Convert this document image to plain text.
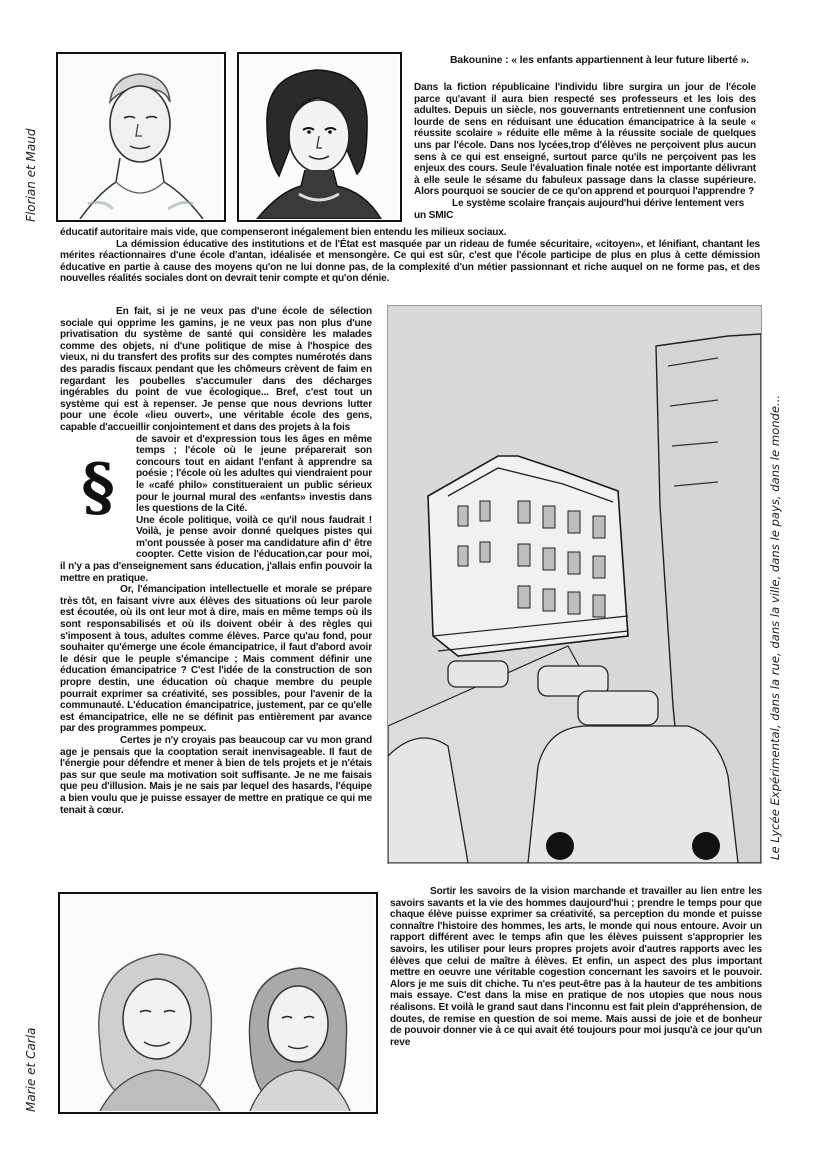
Florian et Maud
Bakounine : « les enfants appartiennent à leur future liberté ».

Dans la fiction républicaine l'individu libre surgira un jour de l'école parce qu'avant il aura bien respecté ses professeurs et les lois des adultes. Depuis un siècle, nos gouvernants entretiennent une confusion lourde de sens en réduisant une éducation émancipatrice à la seule « réussite scolaire » réduite elle même à la réussite sociale de quelques uns par l'école. Dans nos lycées,trop d'élèves ne perçoivent plus aucun sens à ce qui est enseigné, surtout parce qu'ils ne perçoivent pas les enjeux des cours. Seule l'évaluation finale notée est importante délivrant à elle seule le sésame du fabuleux passage dans la classe supérieure. Alors pourquoi se soucier de ce qu'on apprend et pourquoi l'apprendre ?

Le système scolaire français aujourd'hui dérive lentement vers un SMIC

éducatif autoritaire mais vide, que compenseront inégalement bien entendu les milieux sociaux.

La démission éducative des institutions et de l'État est masquée par un rideau de fumée sécuritaire, «citoyen», et lénifiant, chantant les mérites réactionnaires d'une école d'antan, idéalisée et mensongère. Ce qui est sûr, c'est que l'école participe de plus en plus à cette démission éducative en partie à cause des moyens qu'on ne lui donne pas, de la complexité d'un métier passionnant et riche auquel on ne forme pas, et des nouvelles réalités sociales dont on devrait tenir compte et qu'on dénie.

En fait, si je ne veux pas d'une école de sélection sociale qui opprime les gamins, je ne veux pas non plus d'une privatisation du système de santé qui considère les malades comme des objets, ni d'une politique de mise à l'hospice des vieux, ni du transfert des profits sur des comptes numérotés dans des paradis fiscaux pendant que les chômeurs crèvent de faim en regardant les poubelles s'accumuler dans des décharges ingérables du point de vue écologique... Bref, c'est tout un système qui est à repenser. Je pense que nous devrions lutter pour une école «lieu ouvert», une véritable école des gens, capable d'accueillir conjointement et dans des projets à la fois

§

de savoir et d'expression tous les âges en même temps ; l'école où le jeune préparerait son concours tout en aidant l'enfant à apprendre sa poésie ; l'école où les adultes qui viendraient pour le «café philo» constitueraient un public sérieux pour le journal mural des «enfants» investis dans les questions de la Cité.

Une école politique, voilà ce qu'il nous faudrait ! Voilà, je pense avoir donné quelques pistes qui m'ont poussée à poser ma candidature afin d' être coopter. Cette vision de l'éducation,car pour moi, il n'y a pas d'enseignement sans éducation, j'allais enfin pouvoir la mettre en pratique.

Or, l'émancipation intellectuelle et morale se prépare très tôt, en faisant vivre aux élèves des situations où leur parole est écoutée, où ils ont leur mot à dire, mais en même temps où ils sont responsabilisés et où ils doivent obéir à des règles qui s'imposent à tous, adultes comme élèves. Parce qu'au fond, pour souhaiter qu'émerge une école émancipatrice, il faut d'abord avoir le désir que le peuple s'émancipe ; Mais comment définir une éducation émancipatrice ? C'est l'idée de la construction de son propre destin, une éducation où chaque membre du peuple pourrait exprimer sa créativité, ses possibles, pour l'avenir de la communauté. L'éducation émancipatrice, justement, par ce qu'elle est émancipatrice, elle ne se définit pas entièrement par avance par des programmes pompeux.

Certes je n'y croyais pas beaucoup car vu mon grand age je pensais que la cooptation serait inenvisageable. Il faut de l'énergie pour défendre et mener à bien de tels projets et je n'étais pas sur que seule ma motivation soit suffisante. Je ne me faisais que peu d'illusion. Mais je ne sais par lequel des hasards, l'équipe a bien voulu que je puisse essayer de mettre en pratique ce qui me tenait à cœur.	Le Lycée Expérimental, dans la rue, dans la ville, dans le pays, dans le monde...
Marie et Carla

Sortir les savoirs de la vision marchande et travailler au lien entre les savoirs savants et la vie des hommes daujourd'hui ; prendre le temps pour que chaque élève puisse exprimer sa créativité, sa perception du monde et puisse connaître l'histoire des hommes, les arts, le monde qui nous entoure. Avoir un rapport différent avec le temps afin que les élèves puissent s'approprier les savoirs, les utiliser pour leurs propres projets avoir d'autres rapports avec les élèves que celui de maître à élèves. Et enfin, un aspect des plus important mettre en oeuvre une véritable cogestion concernant les savoirs et le pouvoir. Alors je me suis dit chiche. Tu n'es peut-être pas à la hauteur de tes ambitions mais essaye. C'est dans la mise en pratique de nos utopies que nous nous réalisons. Et voilà le grand saut dans l'inconnu est fait plein d'appréhension, de doutes, de remise en question de soi meme. Mais aussi de joie et de bonheur de pouvoir donner vie à ce qui avait été toujours pour moi jusqu'à ce jour qu'un reve
